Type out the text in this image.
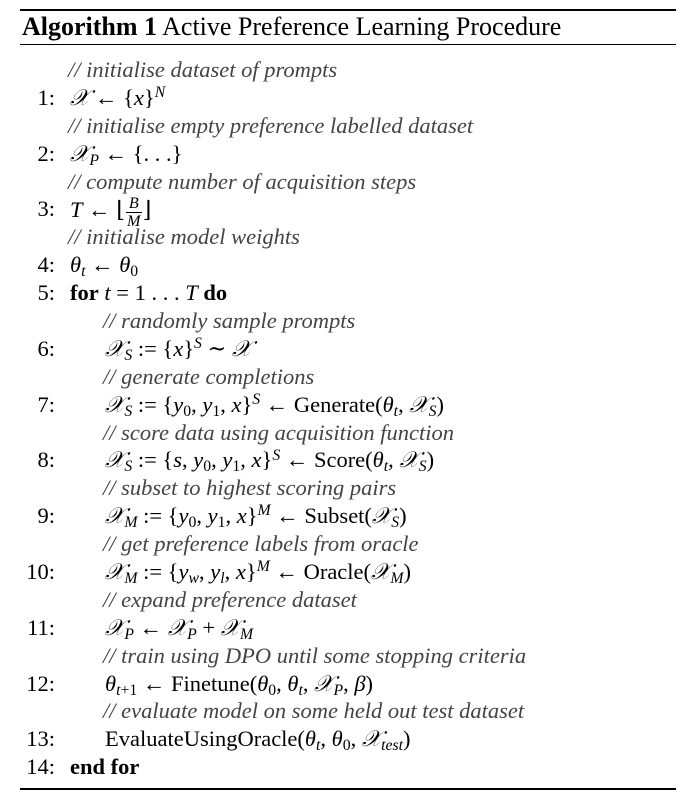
Algorithm 1 Active Preference Learning Procedure
// initialise dataset of prompts
1: 𝒳 ← $\{x\}^N$
// initialise empty preference labelled dataset
2: 𝒳$_P$ ← {. . .}
// compute number of acquisition steps
3: T ← ⌊ $\frac{B}{M}$ ⌋
// initialise model weights
4: $\theta_t$ ← $\theta_0$
5: for t = 1 . . . T do
// randomly sample prompts
6: 𝒳$_S$ := $\{x\}^S$ ∼ 𝒳
// generate completions
7: 𝒳$_S$ := {$y_0$, $y_1$, x}$^S$ ← $Generate(\theta_t$, 𝒳$_S$)
// score data using acquisition function
8: 𝒳$_S$ := {s, $y_0$, $y_1$, x}$^S$ ← $Score(\theta_t$, 𝒳$_S$)
// subset to highest scoring pairs
9: 𝒳$_M$ := {$y_0$, $y_1$, x}$^M$ ← Subset(𝒳$_S$)
// get preference labels from oracle
10: 𝒳$_M$ := {$y_w$, $y_l$, x}$^M$ ← Oracle(𝒳$_M$)
// expand preference dataset
11: 𝒳$_P$ ← 𝒳$_P$ + 𝒳$_M$
// train using DPO until some stopping criteria
12: $\theta_{t+1}$ ← $Finetune(\theta_0$, $\theta_t$, 𝒳$_P$, β)
// evaluate model on some held out test dataset
13: $EvaluateUsingOracle(\theta_t$, $\theta_0$, 𝒳$_{test}$)
14: end for
